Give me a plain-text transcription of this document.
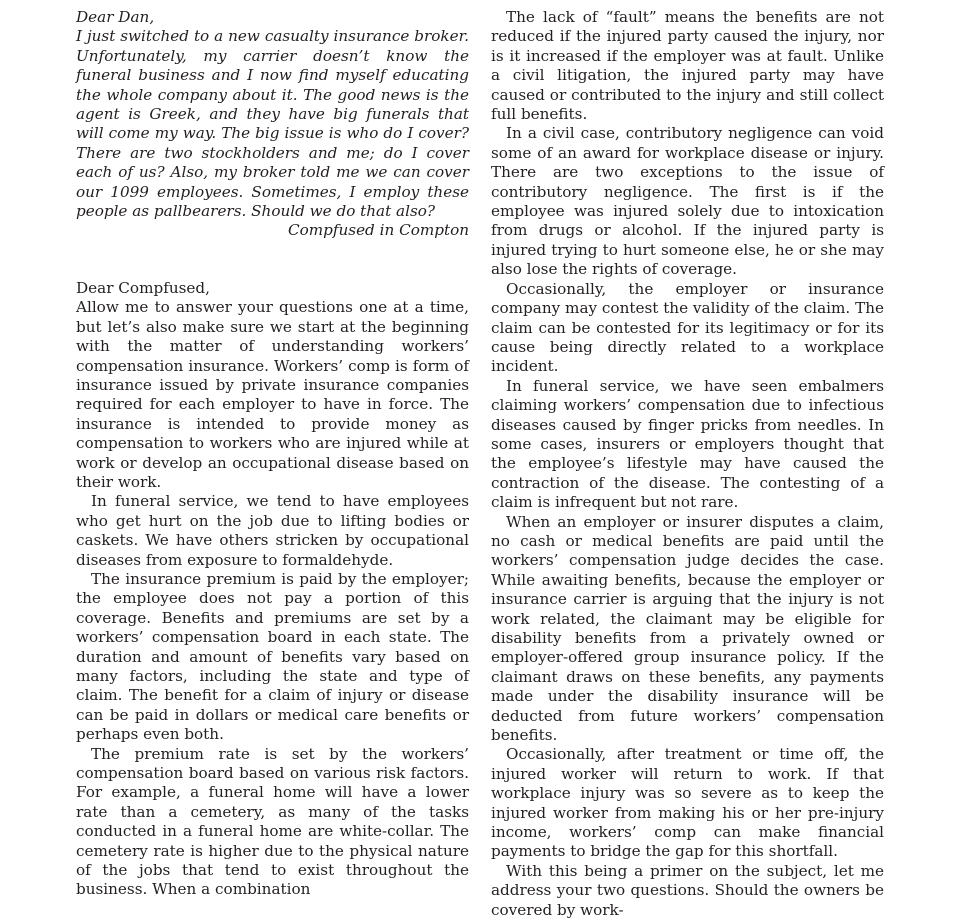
Dear Dan,

I just switched to a new casualty insurance broker. Unfortunately, my carrier doesn’t know the funeral business and I now find myself educating the whole company about it. The good news is the agent is Greek, and they have big funerals that will come my way. The big issue is who do I cover? There are two stockholders and me; do I cover each of us? Also, my broker told me we can cover our 1099 employees. Sometimes, I employ these people as pallbearers. Should we do that also?

Compfused in Compton

Dear Compfused,

Allow me to answer your questions one at a time, but let’s also make sure we start at the beginning with the matter of understanding workers’ compensation insurance. Workers’ comp is form of insurance issued by private insurance companies required for each employer to have in force. The insurance is intended to provide money as compensation to workers who are injured while at work or develop an occupational disease based on their work.

In funeral service, we tend to have employees who get hurt on the job due to lifting bodies or caskets. We have others stricken by occupational diseases from exposure to formaldehyde.

The insurance premium is paid by the employer; the employee does not pay a portion of this coverage. Benefits and premiums are set by a workers’ compensation board in each state. The duration and amount of benefits vary based on many factors, including the state and type of claim. The benefit for a claim of injury or disease can be paid in dollars or medical care benefits or perhaps even both.

The premium rate is set by the workers’ compensation board based on various risk factors. For example, a funeral home will have a lower rate than a cemetery, as many of the tasks conducted in a funeral home are white-collar. The cemetery rate is higher due to the physical nature of the jobs that tend to exist throughout the business. When a combination

The lack of “fault” means the benefits are not reduced if the injured party caused the injury, nor is it increased if the employer was at fault. Unlike a civil litigation, the injured party may have caused or contributed to the injury and still collect full benefits.

In a civil case, contributory negligence can void some of an award for workplace disease or injury. There are two exceptions to the issue of contributory negligence. The first is if the employee was injured solely due to intoxication from drugs or alcohol. If the injured party is injured trying to hurt someone else, he or she may also lose the rights of coverage.

Occasionally, the employer or insurance company may contest the validity of the claim. The claim can be contested for its legitimacy or for its cause being directly related to a workplace incident.

In funeral service, we have seen embalmers claiming workers’ compensation due to infectious diseases caused by finger pricks from needles. In some cases, insurers or employers thought that the employee’s lifestyle may have caused the contraction of the disease. The contesting of a claim is infrequent but not rare.

When an employer or insurer disputes a claim, no cash or medical benefits are paid until the workers’ compensation judge decides the case. While awaiting benefits, because the employer or insurance carrier is arguing that the injury is not work related, the claimant may be eligible for disability benefits from a privately owned or employer-offered group insurance policy. If the claimant draws on these benefits, any payments made under the disability insurance will be deducted from future workers’ compensation benefits.

Occasionally, after treatment or time off, the injured worker will return to work. If that workplace injury was so severe as to keep the injured worker from making his or her pre-injury income, workers’ comp can make financial payments to bridge the gap for this shortfall.

With this being a primer on the subject, let me address your two questions. Should the owners be covered by work-
